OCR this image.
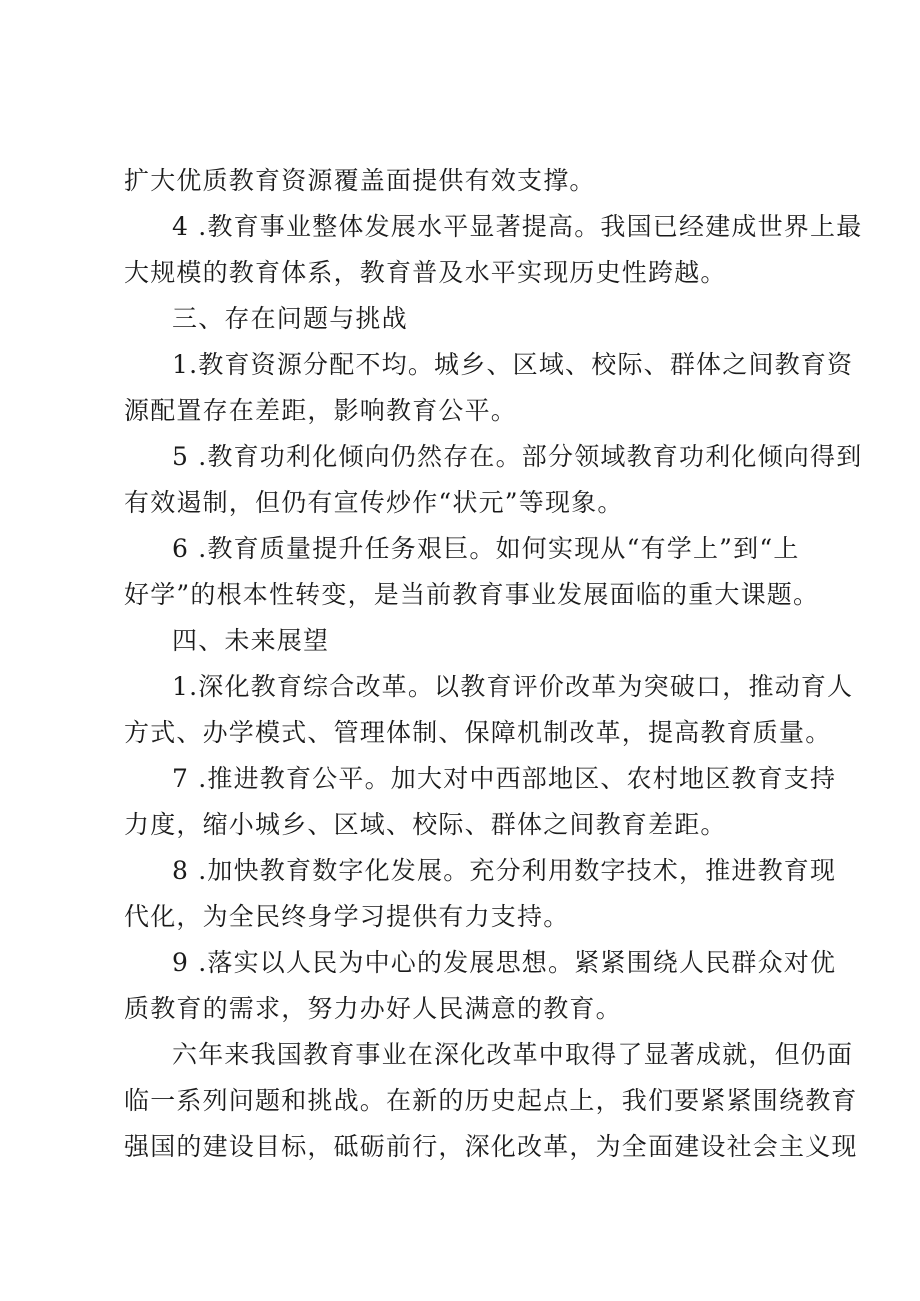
扩大优质教育资源覆盖面提供有效支撑。
4 .教育事业整体发展水平显著提高。我国已经建成世界上最
大规模的教育体系，教育普及水平实现历史性跨越。
三、存在问题与挑战
1.教育资源分配不均。城乡、区域、校际、群体之间教育资
源配置存在差距，影响教育公平。
5 .教育功利化倾向仍然存在。部分领域教育功利化倾向得到
有效遏制，但仍有宣传炒作“状元”等现象。
6 .教育质量提升任务艰巨。如何实现从“有学上”到“上
好学”的根本性转变，是当前教育事业发展面临的重大课题。
四、未来展望
1.深化教育综合改革。以教育评价改革为突破口，推动育人
方式、办学模式、管理体制、保障机制改革，提高教育质量。
7 .推进教育公平。加大对中西部地区、农村地区教育支持
力度，缩小城乡、区域、校际、群体之间教育差距。
8 .加快教育数字化发展。充分利用数字技术，推进教育现
代化，为全民终身学习提供有力支持。
9 .落实以人民为中心的发展思想。紧紧围绕人民群众对优
质教育的需求，努力办好人民满意的教育。
六年来我国教育事业在深化改革中取得了显著成就，但仍面
临一系列问题和挑战。在新的历史起点上，我们要紧紧围绕教育
强国的建设目标，砥砺前行，深化改革，为全面建设社会主义现
